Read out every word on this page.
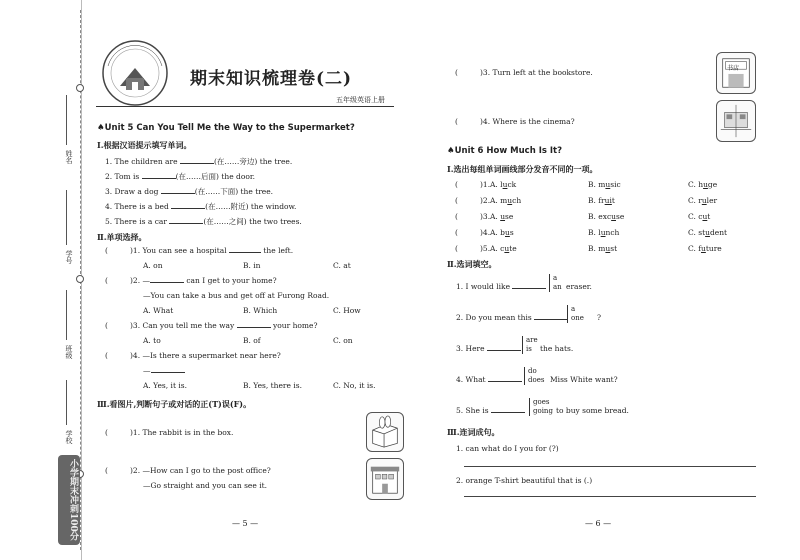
姓名
学号
班级
学校
小学期末冲刺100分
期末知识梳理卷(二)
五年级英语上册
♠Unit 5 Can You Tell Me the Way to the Supermarket?
Ⅰ.根据汉语提示填写单词。
1. The children are	(在……旁边) the tree.
2. Tom is	(在……后面) the door.
3. Draw a dog	(在……下面) the tree.
4. There is a bed	(在……附近) the window.
5. There is a car	(在……之间) the two trees.
Ⅱ.单项选择。
(	)1. You can see a hospital	the left.
A. on	B. in	C. at
(	)2. —	can I get to your home?
—You can take a bus and get off at Furong Road.
A. What	B. Which	C. How
(	)3. Can you tell me the way	your home?
A. to	B. of	C. on
(	)4. —Is there a supermarket near here?
—
A. Yes, it is.	B. Yes, there is.	C. No, it is.
Ⅲ.看图片,判断句子或对话的正(T)误(F)。
(	)1. The rabbit is in the box.
(	)2. —How can I go to the post office?
—Go straight and you can see it.
— 5 —
(	)3. Turn left at the bookstore.	书店
(	)4. Where is the cinema?
♠Unit 6 How Much Is It?
Ⅰ.选出每组单词画线部分发音不同的一项。
(	)1. A. luck	B. music	C. huge
(	)2. A. much	B. fruit	C. ruler
(	)3. A. use	B. excuse	C. cut
(	)4. A. bus	B. lunch	C. student
(	)5. A. cute	B. must	C. future
Ⅱ.选词填空。
1. I would like
a
an eraser.
2. Do you mean this
a
one ?
3. Here
are
is	the hats.
4. What
do
does Miss White want?
5. She is
goes
going to buy some bread.
Ⅲ.连词成句。
1. can what do I you for (?)
2. orange T-shirt beautiful that is (.)
— 6 —
